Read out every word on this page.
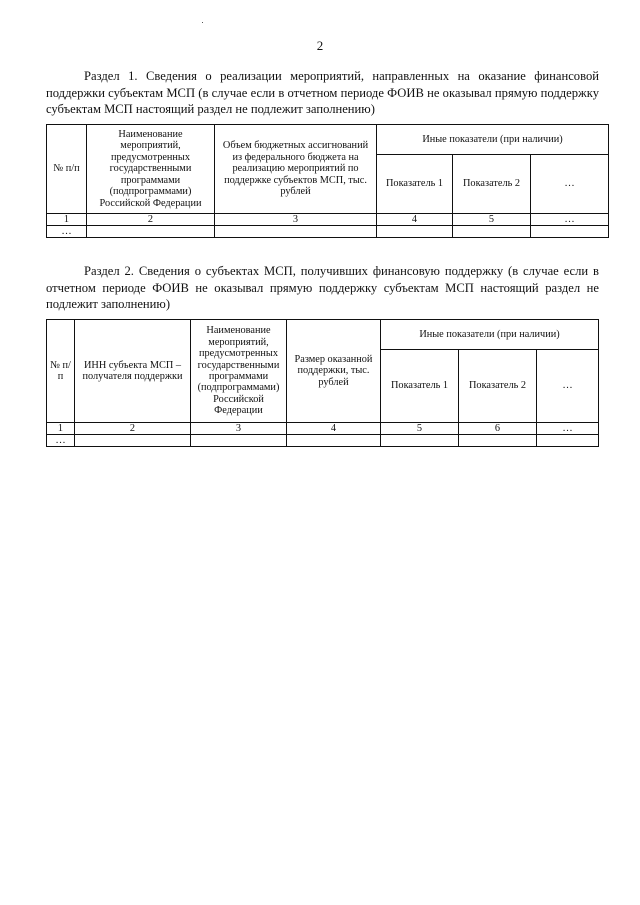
2
Раздел 1. Сведения о реализации мероприятий, направленных на оказание финансовой поддержки субъектам МСП (в случае если в отчетном периоде ФОИВ не оказывал прямую поддержку субъектам МСП настоящий раздел не подлежит заполнению)
№ п/п	Наименование мероприятий, предусмотренных государственными программами (подпрограммами) Российской Федерации	Объем бюджетных ассигнований из федерального бюджета на реализацию мероприятий по поддержке субъектов МСП, тыс. рублей	Иные показатели (при наличии)		
			Показатель 1	Показатель 2	…
1	2	3	4	5	…
…					
Раздел 2. Сведения о субъектах МСП, получивших финансовую поддержку (в случае если в отчетном периоде ФОИВ не оказывал прямую поддержку субъектам МСП настоящий раздел не подлежит заполнению)
№ п/п	ИНН субъекта МСП – получателя поддержки	Наименование мероприятий, предусмотренных государственными программами (подпрограммами) Российской Федерации	Размер оказанной поддержки, тыс. рублей	Иные показатели (при наличии)		
				Показатель 1	Показатель 2	…
1	2	3	4	5	6	…
…						
